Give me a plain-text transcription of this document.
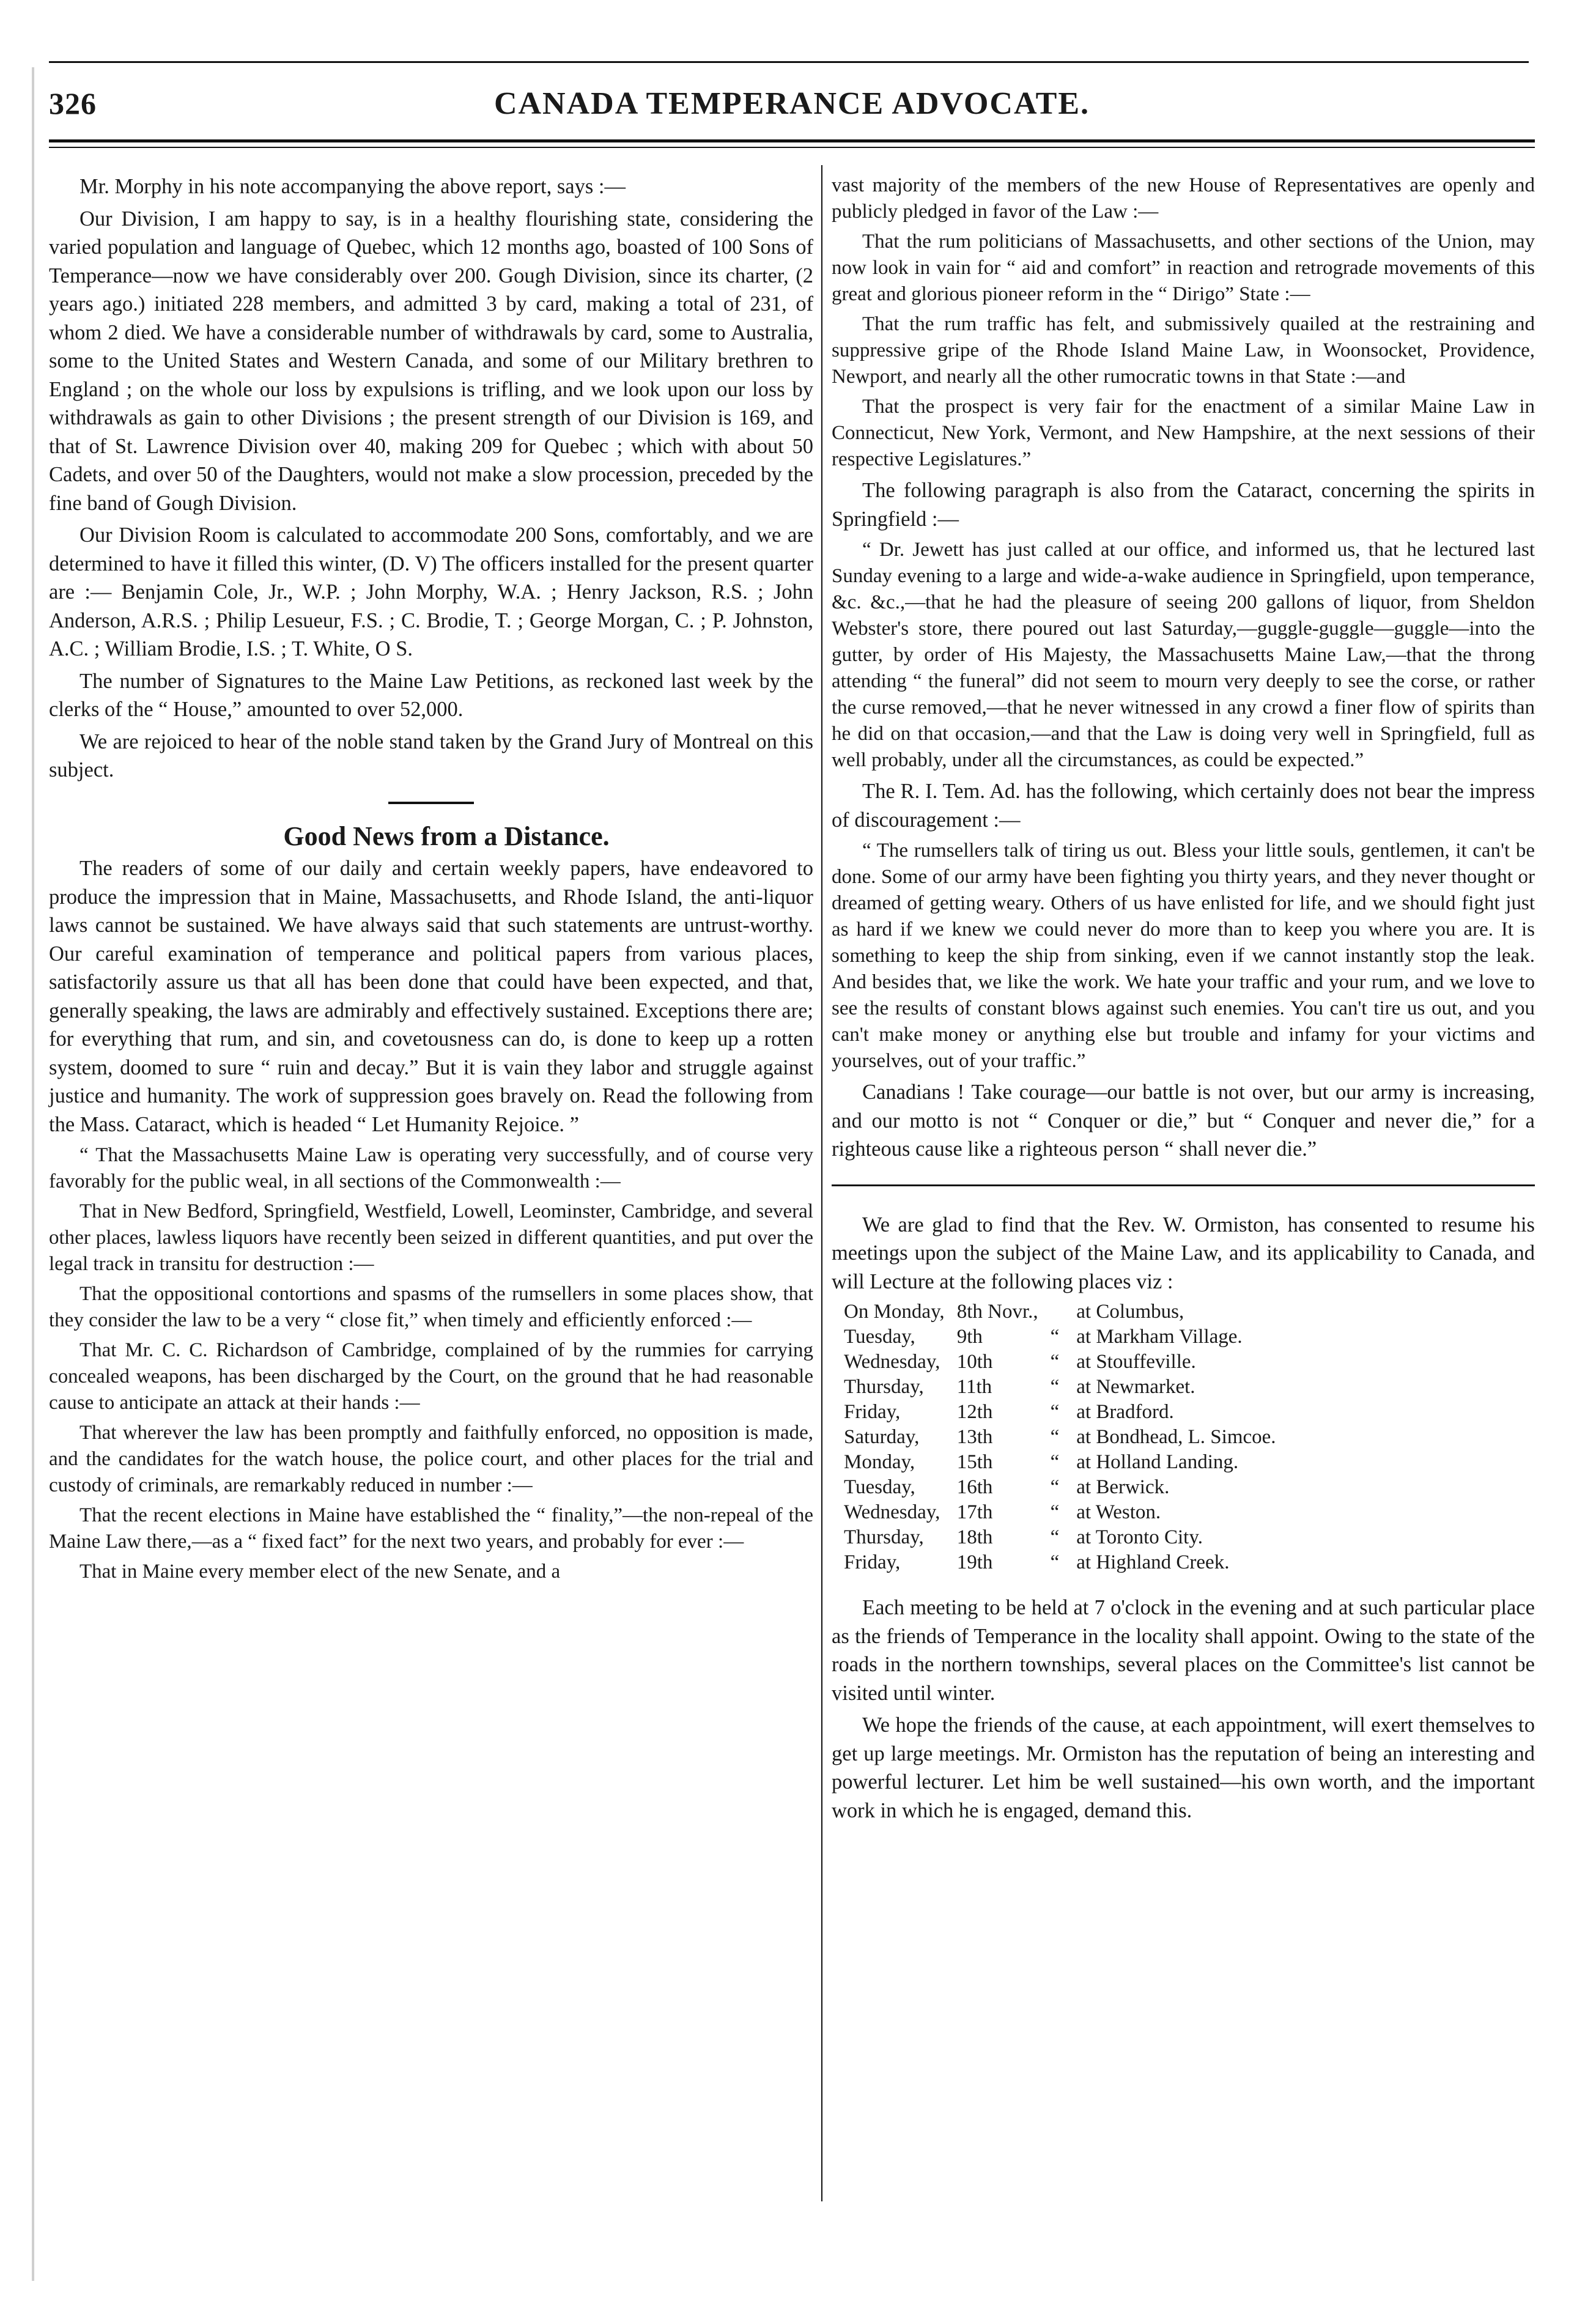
326	CANADA TEMPERANCE ADVOCATE.

Mr. Morphy in his note accompanying the above report, says :—

Our Division, I am happy to say, is in a healthy flourishing state, considering the varied population and language of Quebec, which 12 months ago, boasted of 100 Sons of Temperance—now we have considerably over 200. Gough Division, since its charter, (2 years ago.) initiated 228 members, and admitted 3 by card, making a total of 231, of whom 2 died. We have a considerable number of withdrawals by card, some to Australia, some to the United States and Western Canada, and some of our Military brethren to England ; on the whole our loss by expulsions is trifling, and we look upon our loss by withdrawals as gain to other Divisions ; the present strength of our Division is 169, and that of St. Lawrence Division over 40, making 209 for Quebec ; which with about 50 Cadets, and over 50 of the Daughters, would not make a slow procession, preceded by the fine band of Gough Division.

Our Division Room is calculated to accommodate 200 Sons, comfortably, and we are determined to have it filled this winter, (D. V) The officers installed for the present quarter are :— Benjamin Cole, Jr., W.P. ; John Morphy, W.A. ; Henry Jackson, R.S. ; John Anderson, A.R.S. ; Philip Lesueur, F.S. ; C. Brodie, T. ; George Morgan, C. ; P. Johnston, A.C. ; William Brodie, I.S. ; T. White, O S.

The number of Signatures to the Maine Law Petitions, as reckoned last week by the clerks of the “ House,” amounted to over 52,000.

We are rejoiced to hear of the noble stand taken by the Grand Jury of Montreal on this subject.

Good News from a Distance.

The readers of some of our daily and certain weekly papers, have endeavored to produce the impression that in Maine, Massachusetts, and Rhode Island, the anti-liquor laws cannot be sustained. We have always said that such statements are untrust-worthy. Our careful examination of temperance and political papers from various places, satisfactorily assure us that all has been done that could have been expected, and that, generally speaking, the laws are admirably and effectively sustained. Exceptions there are; for everything that rum, and sin, and covetousness can do, is done to keep up a rotten system, doomed to sure “ ruin and decay.” But it is vain they labor and struggle against justice and humanity. The work of suppression goes bravely on. Read the following from the Mass. Cataract, which is headed “ Let Humanity Rejoice. ”

“ That the Massachusetts Maine Law is operating very successfully, and of course very favorably for the public weal, in all sections of the Commonwealth :—

That in New Bedford, Springfield, Westfield, Lowell, Leominster, Cambridge, and several other places, lawless liquors have recently been seized in different quantities, and put over the legal track in transitu for destruction :—

That the oppositional contortions and spasms of the rumsellers in some places show, that they consider the law to be a very “ close fit,” when timely and efficiently enforced :—

That Mr. C. C. Richardson of Cambridge, complained of by the rummies for carrying concealed weapons, has been discharged by the Court, on the ground that he had reasonable cause to anticipate an attack at their hands :—

That wherever the law has been promptly and faithfully enforced, no opposition is made, and the candidates for the watch house, the police court, and other places for the trial and custody of criminals, are remarkably reduced in number :—

That the recent elections in Maine have established the “ finality,”—the non-repeal of the Maine Law there,—as a “ fixed fact” for the next two years, and probably for ever :—

That in Maine every member elect of the new Senate, and a

vast majority of the members of the new House of Representatives are openly and publicly pledged in favor of the Law :—

That the rum politicians of Massachusetts, and other sections of the Union, may now look in vain for “ aid and comfort” in reaction and retrograde movements of this great and glorious pioneer reform in the “ Dirigo” State :—

That the rum traffic has felt, and submissively quailed at the restraining and suppressive gripe of the Rhode Island Maine Law, in Woonsocket, Providence, Newport, and nearly all the other rumocratic towns in that State :—and

That the prospect is very fair for the enactment of a similar Maine Law in Connecticut, New York, Vermont, and New Hampshire, at the next sessions of their respective Legislatures.”

The following paragraph is also from the Cataract, concerning the spirits in Springfield :—

“ Dr. Jewett has just called at our office, and informed us, that he lectured last Sunday evening to a large and wide-a-wake audience in Springfield, upon temperance, &c. &c.,—that he had the pleasure of seeing 200 gallons of liquor, from Sheldon Webster's store, there poured out last Saturday,—guggle-guggle—guggle—into the gutter, by order of His Majesty, the Massachusetts Maine Law,—that the throng attending “ the funeral” did not seem to mourn very deeply to see the corse, or rather the curse removed,—that he never witnessed in any crowd a finer flow of spirits than he did on that occasion,—and that the Law is doing very well in Springfield, full as well probably, under all the circumstances, as could be expected.”

The R. I. Tem. Ad. has the following, which certainly does not bear the impress of discouragement :—

“ The rumsellers talk of tiring us out. Bless your little souls, gentlemen, it can't be done. Some of our army have been fighting you thirty years, and they never thought or dreamed of getting weary. Others of us have enlisted for life, and we should fight just as hard if we knew we could never do more than to keep you where you are. It is something to keep the ship from sinking, even if we cannot instantly stop the leak. And besides that, we like the work. We hate your traffic and your rum, and we love to see the results of constant blows against such enemies. You can't tire us out, and you can't make money or anything else but trouble and infamy for your victims and yourselves, out of your traffic.”

Canadians ! Take courage—our battle is not over, but our army is increasing, and our motto is not “ Conquer or die,” but “ Conquer and never die,” for a righteous cause like a righteous person “ shall never die.”

We are glad to find that the Rev. W. Ormiston, has consented to resume his meetings upon the subject of the Maine Law, and its applicability to Canada, and will Lecture at the following places viz :

On Monday,	8th Novr.,		at Columbus,
Tuesday,	9th	“	at Markham Village.
Wednesday,	10th	“	at Stouffeville.
Thursday,	11th	“	at Newmarket.
Friday,	12th	“	at Bradford.
Saturday,	13th	“	at Bondhead, L. Simcoe.
Monday,	15th	“	at Holland Landing.
Tuesday,	16th	“	at Berwick.
Wednesday,	17th	“	at Weston.
Thursday,	18th	“	at Toronto City.
Friday,	19th	“	at Highland Creek.

Each meeting to be held at 7 o'clock in the evening and at such particular place as the friends of Temperance in the locality shall appoint. Owing to the state of the roads in the northern townships, several places on the Committee's list cannot be visited until winter.

We hope the friends of the cause, at each appointment, will exert themselves to get up large meetings. Mr. Ormiston has the reputation of being an interesting and powerful lecturer. Let him be well sustained—his own worth, and the important work in which he is engaged, demand this.
